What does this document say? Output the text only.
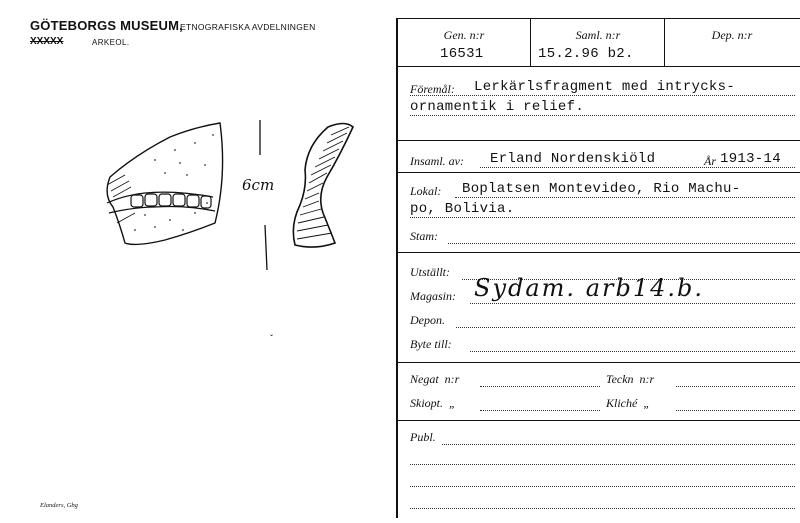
GÖTEBORGS MUSEUM,
ETNOGRAFISKA AVDELNINGEN
XXXXX	ARKEOL.
6cm
ˇ
Elanders, Gbg
Gen. n:r
16531
Saml. n:r
15.2.96 b2.
Dep. n:r
Föremål: Lerkärlsfragment med intrycks-
ornamentik i relief.
Insaml. av: Erland Nordenskiöld	År 1913-14
Lokal: Boplatsen Montevideo, Rio Machu-
po, Bolivia.
Stam:
Utställt:
Magasin: Sydam. arb14.b.
Depon.
Byte till:
Negat  n:r	Teckn  n:r
Skiopt.  „	Kliché  „
Publ.
